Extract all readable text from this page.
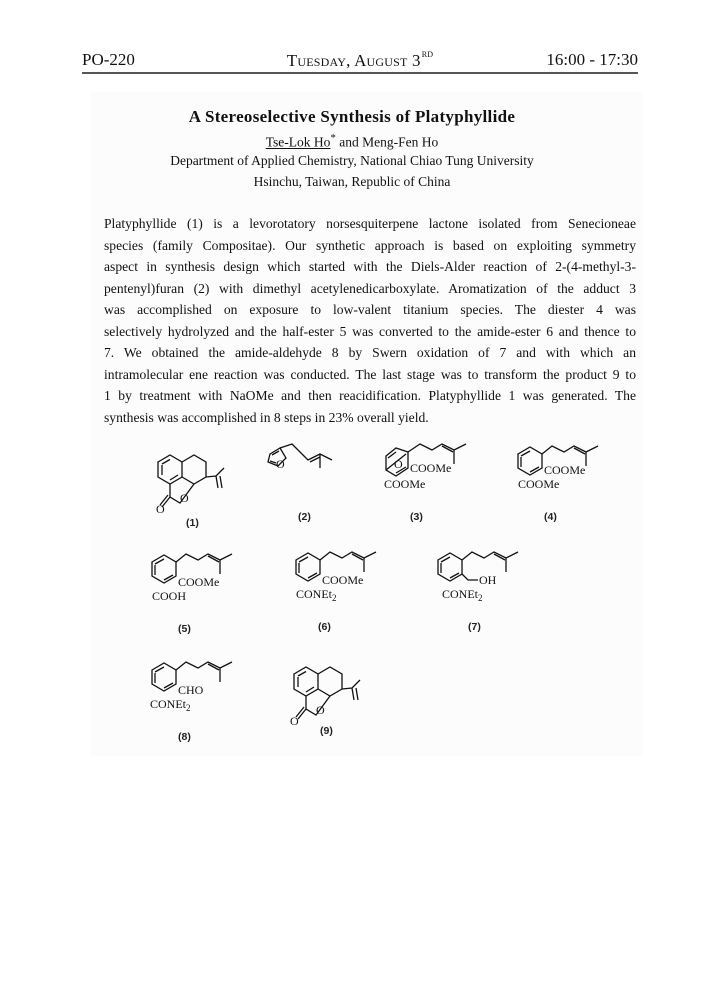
PO-220	Tuesday, August 3RD	16:00 - 17:30
A Stereoselective Synthesis of Platyphyllide
Tse-Lok Ho* and Meng-Fen Ho
Department of Applied Chemistry, National Chiao Tung University
Hsinchu, Taiwan, Republic of China
Platyphyllide (1) is a levorotatory norsesquiterpene lactone isolated from Senecioneae
species (family Compositae). Our synthetic approach is based on exploiting symmetry
aspect in synthesis design which started with the Diels-Alder reaction of 2-(4-methyl-3-
pentenyl)furan (2) with dimethyl acetylenedicarboxylate. Aromatization of the adduct 3
was accomplished on exposure to low-valent titanium species. The diester 4 was
selectively hydrolyzed and the half-ester 5 was converted to the amide-ester 6 and thence to
7. We obtained the amide-aldehyde 8 by Swern oxidation of 7 and with which an
intramolecular ene reaction was conducted. The last stage was to transform the product 9 to
1 by treatment with NaOMe and then reacidification. Platyphyllide 1 was generated. The
synthesis was accomplished in 8 steps in 23% overall yield.
O
O
(1)
O
(2)
O COOMe
COOMe
(3)
COOMe
COOMe
(4)
COOMe
COOH
(5)
COOMe
CONEt$_2$
(6)
OH
CONEt$_2$
(7)
CHO
CONEt$_2$
(8)
O
O
(9)
